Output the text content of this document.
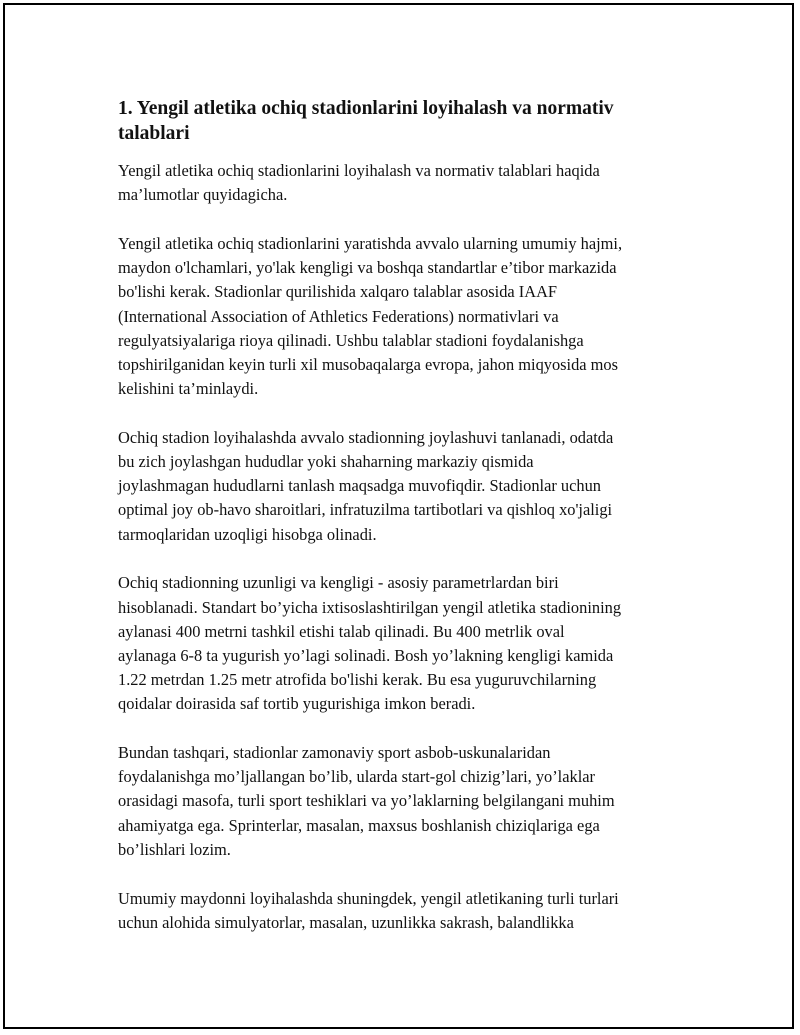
1. Yengil atletika ochiq stadionlarini loyihalash va normativ
talablari

Yengil atletika ochiq stadionlarini loyihalash va normativ talablari haqida
ma’lumotlar quyidagicha.

Yengil atletika ochiq stadionlarini yaratishda avvalo ularning umumiy hajmi,
maydon o'lchamlari, yo'lak kengligi va boshqa standartlar e’tibor markazida
bo'lishi kerak. Stadionlar qurilishida xalqaro talablar asosida IAAF
(International Association of Athletics Federations) normativlari va
regulyatsiyalariga rioya qilinadi. Ushbu talablar stadioni foydalanishga
topshirilganidan keyin turli xil musobaqalarga evropa, jahon miqyosida mos
kelishini ta’minlaydi.

Ochiq stadion loyihalashda avvalo stadionning joylashuvi tanlanadi, odatda
bu zich joylashgan hududlar yoki shaharning markaziy qismida
joylashmagan hududlarni tanlash maqsadga muvofiqdir. Stadionlar uchun
optimal joy ob-havo sharoitlari, infratuzilma tartibotlari va qishloq xo'jaligi
tarmoqlaridan uzoqligi hisobga olinadi.

Ochiq stadionning uzunligi va kengligi - asosiy parametrlardan biri
hisoblanadi. Standart bo’yicha ixtisoslashtirilgan yengil atletika stadionining
aylanasi 400 metrni tashkil etishi talab qilinadi. Bu 400 metrlik oval
aylanaga 6-8 ta yugurish yo’lagi solinadi. Bosh yo’lakning kengligi kamida
1.22 metrdan 1.25 metr atrofida bo'lishi kerak. Bu esa yuguruvchilarning
qoidalar doirasida saf tortib yugurishiga imkon beradi.

Bundan tashqari, stadionlar zamonaviy sport asbob-uskunalaridan
foydalanishga mo’ljallangan bo’lib, ularda start-gol chizig’lari, yo’laklar
orasidagi masofa, turli sport teshiklari va yo’laklarning belgilangani muhim
ahamiyatga ega. Sprinterlar, masalan, maxsus boshlanish chiziqlariga ega
bo’lishlari lozim.

Umumiy maydonni loyihalashda shuningdek, yengil atletikaning turli turlari
uchun alohida simulyatorlar, masalan, uzunlikka sakrash, balandlikka
